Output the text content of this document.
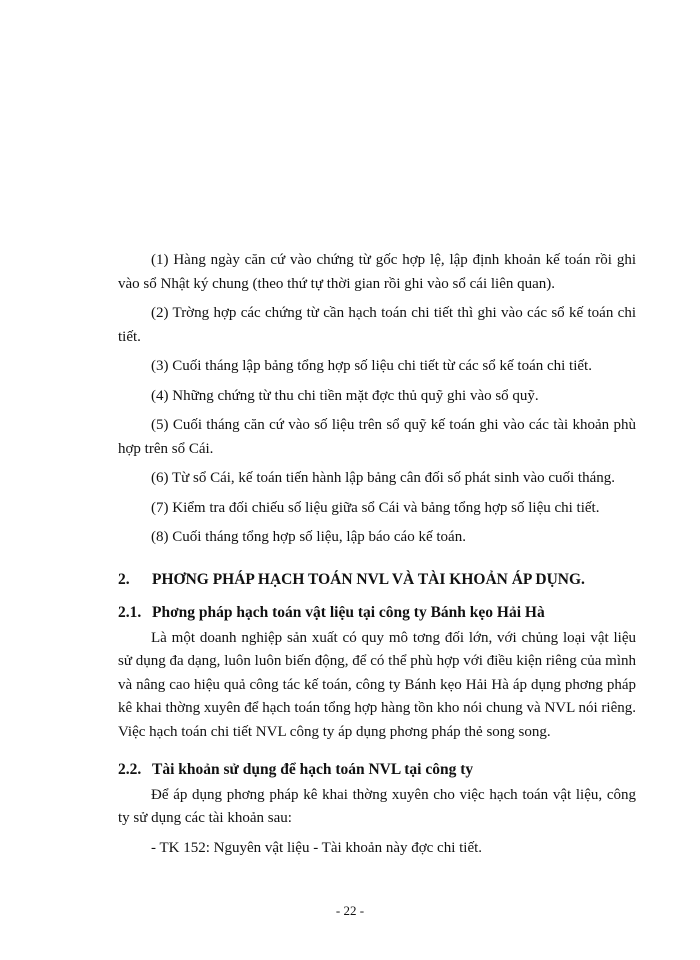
(1) Hàng ngày căn cứ vào chứng từ gốc hợp lệ, lập định khoản kế toán rồi ghi vào sổ Nhật ký chung (theo thứ tự thời gian rồi ghi vào sổ cái liên quan).

(2) Trờng hợp các chứng từ cần hạch toán chi tiết thì ghi vào các sổ kế toán chi tiết.

(3) Cuối tháng lập bảng tổng hợp số liệu chi tiết từ các sổ kế toán chi tiết.

(4) Những chứng từ thu chi tiền mặt đợc thủ quỹ ghi vào sổ quỹ.

(5) Cuối tháng căn cứ vào số liệu trên sổ quỹ kế toán ghi vào các tài khoản phù hợp trên sổ Cái.

(6) Từ sổ Cái, kế toán tiến hành lập bảng cân đối số phát sinh vào cuối tháng.

(7) Kiểm tra đối chiếu số liệu giữa sổ Cái và bảng tổng hợp số liệu chi tiết.

(8) Cuối tháng tổng hợp số liệu, lập báo cáo kế toán.

2. PHƠNG PHÁP HẠCH TOÁN NVL VÀ TÀI KHOẢN ÁP DỤNG.
2.1. Phơng pháp hạch toán vật liệu tại công ty Bánh kẹo Hải Hà

Là một doanh nghiệp sản xuất có quy mô tơng đối lớn, với chủng loại vật liệu sử dụng đa dạng, luôn luôn biến động, để có thể phù hợp với điều kiện riêng của mình và nâng cao hiệu quả công tác kế toán, công ty Bánh kẹo Hải Hà áp dụng phơng pháp kê khai thờng xuyên để hạch toán tổng hợp hàng tồn kho nói chung và NVL nói riêng. Việc hạch toán chi tiết NVL công ty áp dụng phơng pháp thẻ song song.

2.2. Tài khoản sử dụng để hạch toán NVL tại công ty

Để áp dụng phơng pháp kê khai thờng xuyên cho việc hạch toán vật liệu, công ty sử dụng các tài khoản sau:

- TK 152: Nguyên vật liệu - Tài khoản này đợc chi tiết.

- 22 -
